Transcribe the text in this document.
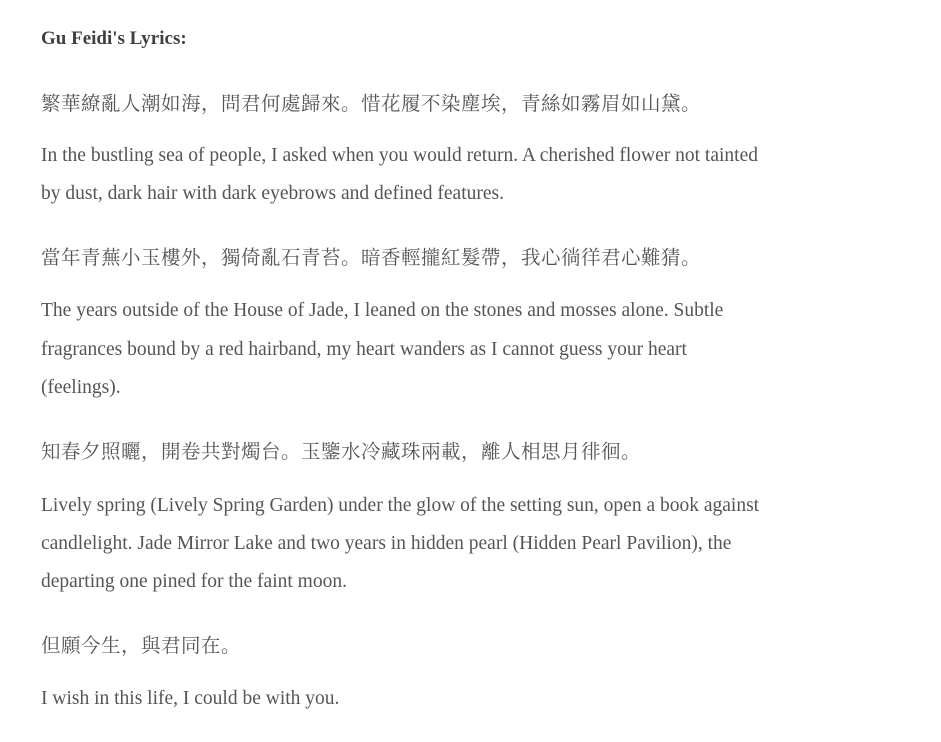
Gu Feidi's Lyrics:
繁華繚亂人潮如海，問君何處歸來。惜花履不染塵埃，青絲如霧眉如山黛。
In the bustling sea of people, I asked when you would return. A cherished flower not tainted
by dust, dark hair with dark eyebrows and defined features.
當年青蕪小玉樓外，獨倚亂石青苔。暗香輕攏紅髮帶，我心徜徉君心難猜。
The years outside of the House of Jade, I leaned on the stones and mosses alone. Subtle
fragrances bound by a red hairband, my heart wanders as I cannot guess your heart
(feelings).
知春夕照曬，開卷共對燭台。玉鑒水冷藏珠兩載，離人相思月徘徊。
Lively spring (Lively Spring Garden) under the glow of the setting sun, open a book against
candlelight. Jade Mirror Lake and two years in hidden pearl (Hidden Pearl Pavilion), the
departing one pined for the faint moon.
但願今生，與君同在。
I wish in this life, I could be with you.
